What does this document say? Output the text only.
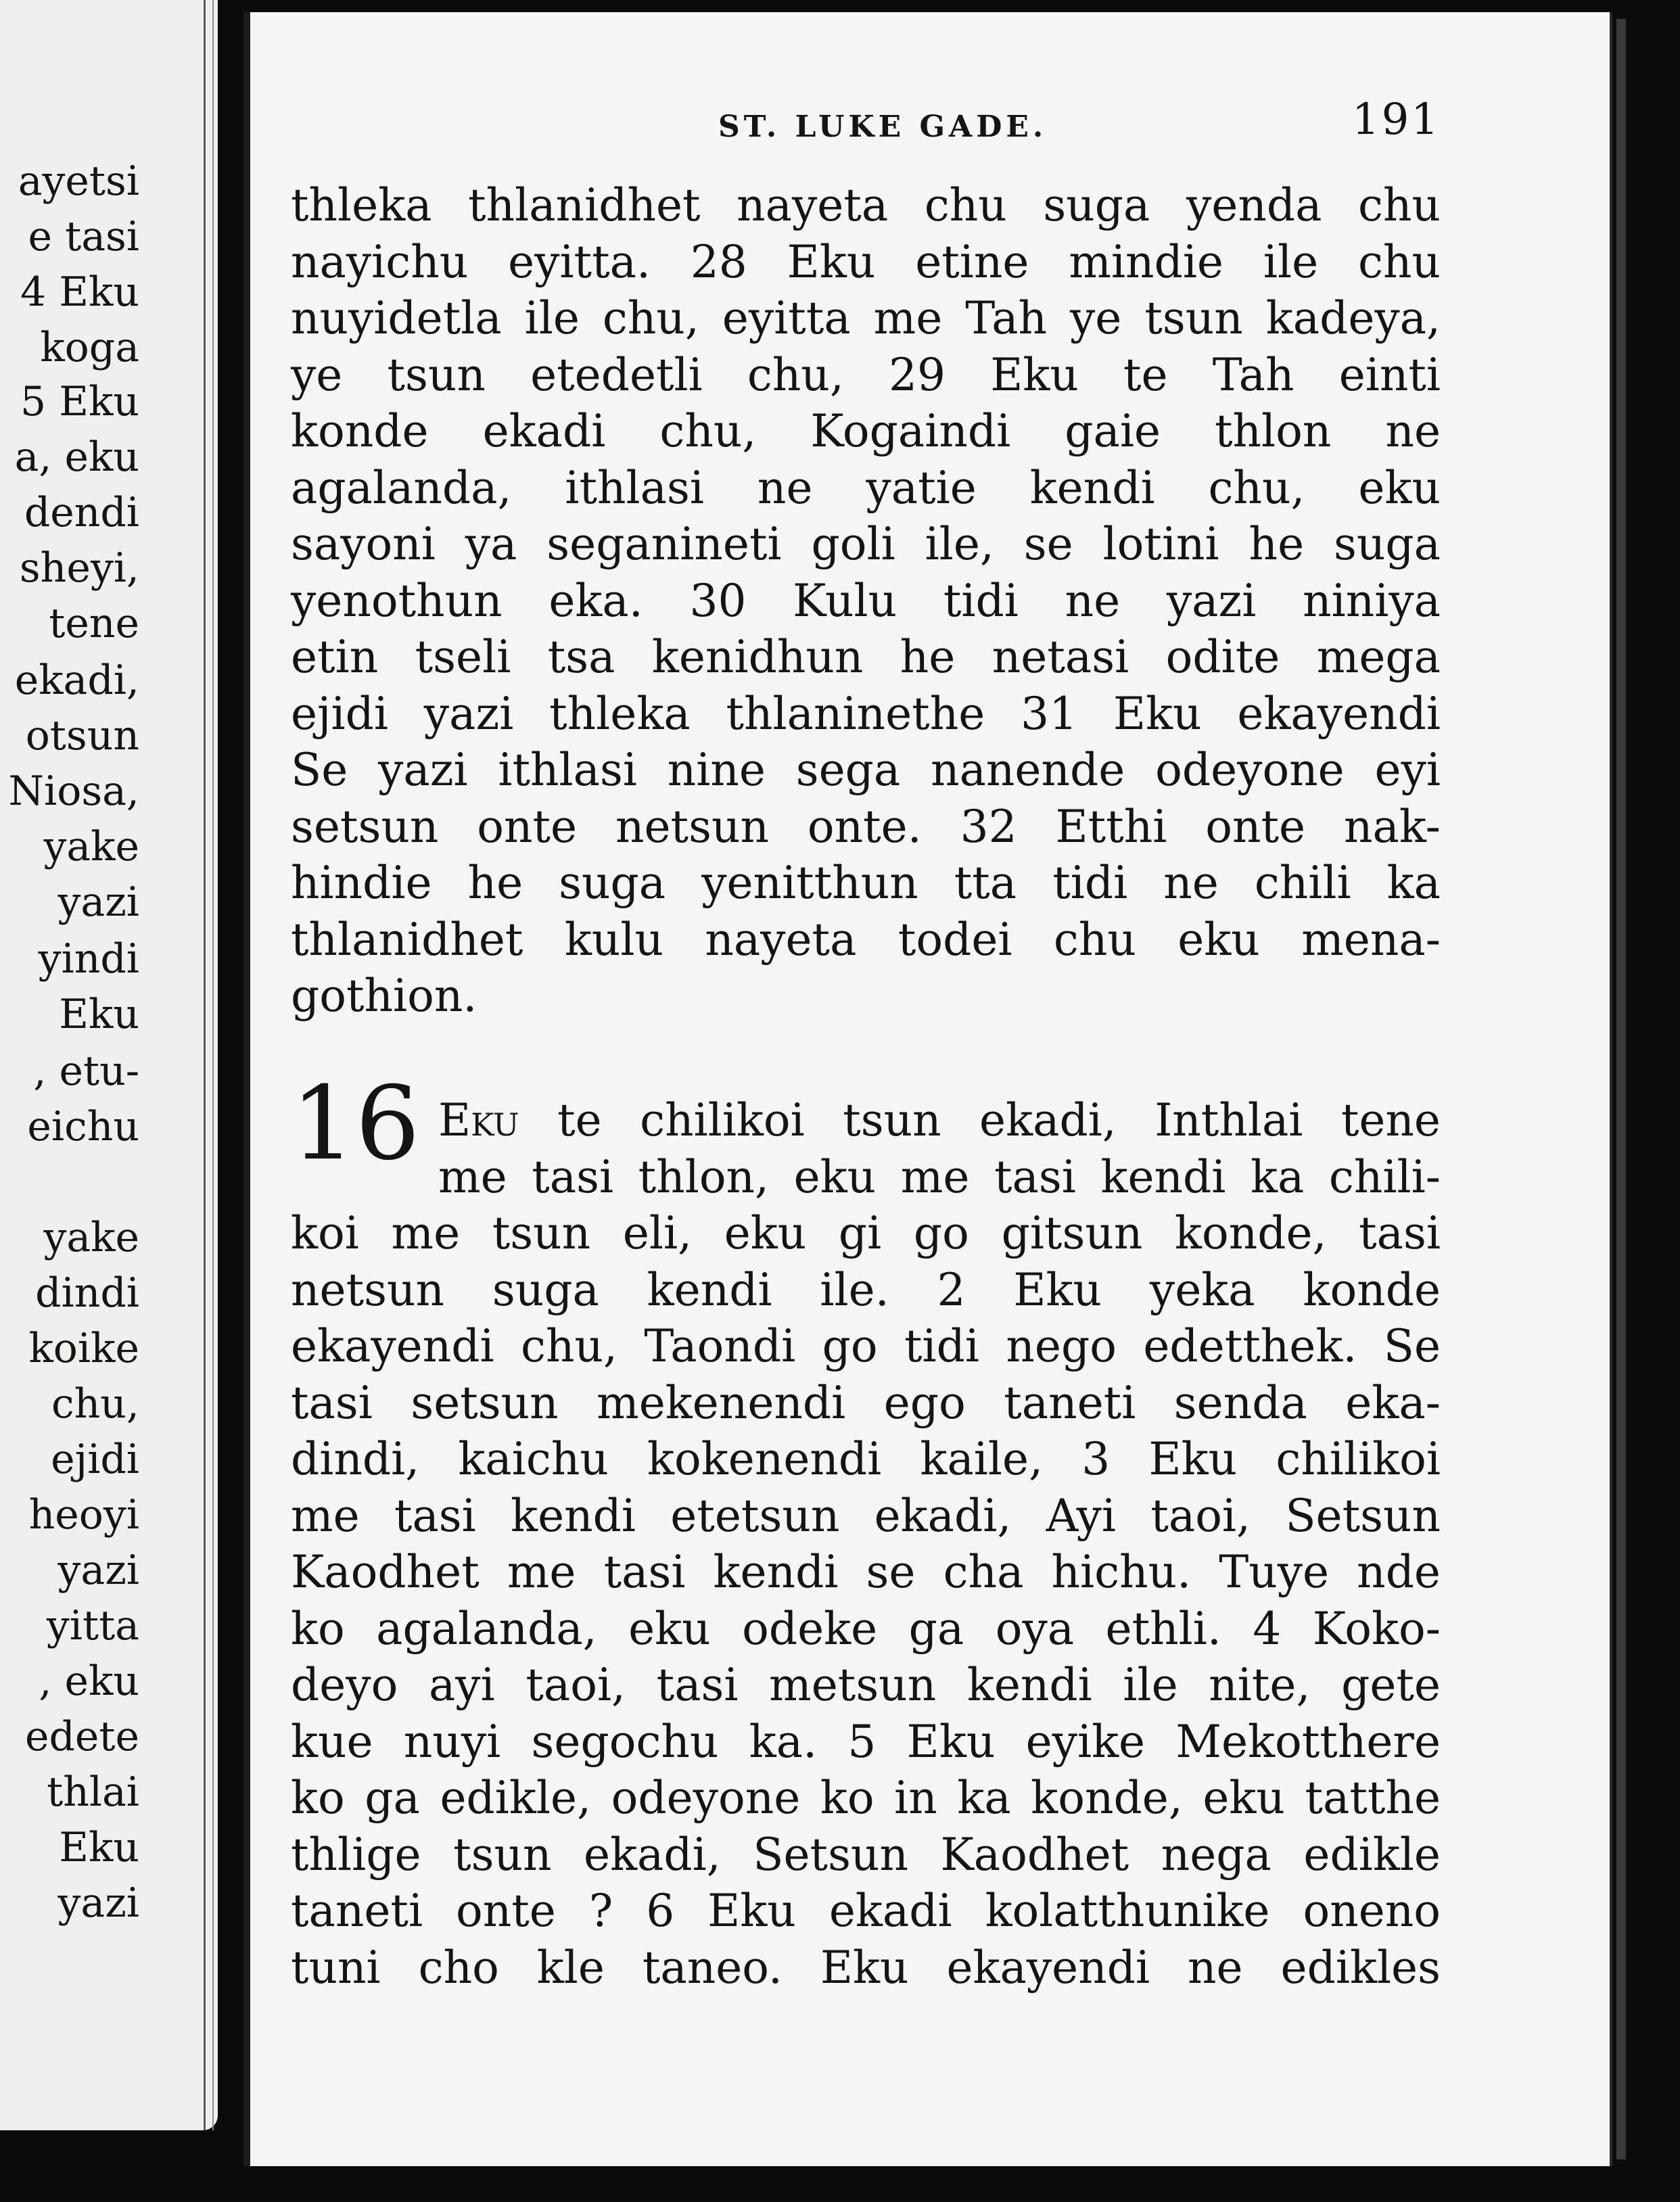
ayetsi
e tasi
4 Eku
koga
5 Eku
a, eku
dendi
sheyi,
tene
ekadi,
otsun
Niosa,
yake
yazi
yindi
Eku
, etu-
eichu
yake
dindi
koike
chu,
ejidi
heoyi
yazi
yitta
, eku
edete
thlai
Eku
yazi
ST. LUKE GADE.	191
thleka thlanidhet nayeta chu suga yenda chu
nayichu eyitta. 28 Eku etine mindie ile chu
nuyidetla ile chu, eyitta me Tah ye tsun kadeya,
ye tsun etedetli chu, 29 Eku te Tah einti
konde ekadi chu, Kogaindi gaie thlon ne
agalanda, ithlasi ne yatie kendi chu, eku
sayoni ya seganineti goli ile, se lotini he suga
yenothun eka. 30 Kulu tidi ne yazi niniya
etin tseli tsa kenidhun he netasi odite mega
ejidi yazi thleka thlaninethe 31 Eku ekayendi
Se yazi ithlasi nine sega nanende odeyone eyi
setsun onte netsun onte. 32 Etthi onte nak-
hindie he suga yenitthun tta tidi ne chili ka
thlanidhet kulu nayeta todei chu eku mena-
gothion.
16 Eku te chilikoi tsun ekadi, Inthlai tene
me tasi thlon, eku me tasi kendi ka chili-
koi me tsun eli, eku gi go gitsun konde, tasi
netsun suga kendi ile. 2 Eku yeka konde
ekayendi chu, Taondi go tidi nego edetthek. Se
tasi setsun mekenendi ego taneti senda eka-
dindi, kaichu kokenendi kaile, 3 Eku chilikoi
me tasi kendi etetsun ekadi, Ayi taoi, Setsun
Kaodhet me tasi kendi se cha hichu. Tuye nde
ko agalanda, eku odeke ga oya ethli. 4 Koko-
deyo ayi taoi, tasi metsun kendi ile nite, gete
kue nuyi segochu ka. 5 Eku eyike Mekotthere
ko ga edikle, odeyone ko in ka konde, eku tatthe
thlige tsun ekadi, Setsun Kaodhet nega edikle
taneti onte ? 6 Eku ekadi kolatthunike oneno
tuni cho kle taneo. Eku ekayendi ne edikles
